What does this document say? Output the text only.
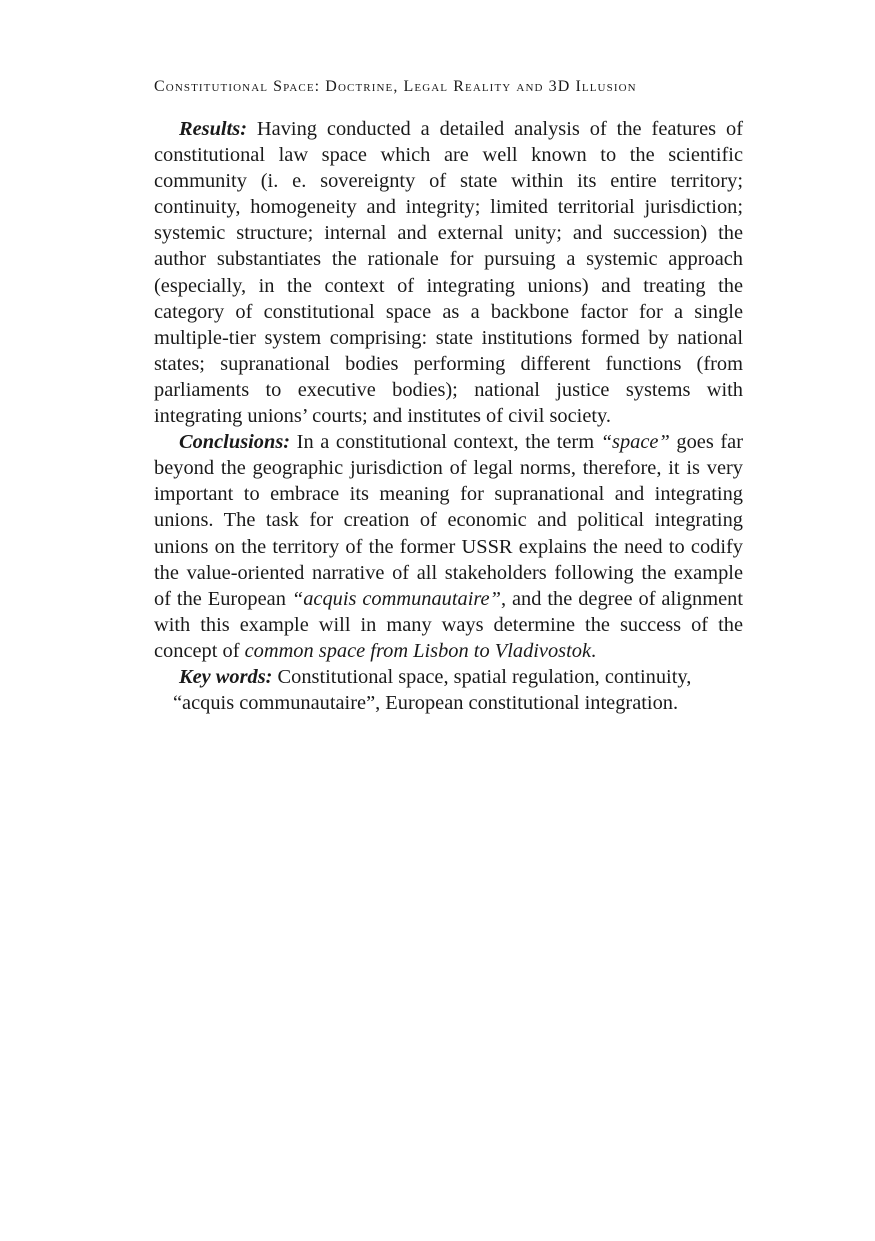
Constitutional Space: Doctrine, Legal Reality and 3D Illusion

Results: Having conducted a detailed analysis of the features of constitutional law space which are well known to the scientific community (i. e. sovereignty of state within its entire territory; continuity, homogeneity and integrity; limited territorial jurisdiction; systemic structure; internal and external unity; and succession) the author substantiates the rationale for pursuing a systemic approach (especially, in the context of integrating unions) and treating the category of constitutional space as a backbone factor for a single multiple-tier system comprising: state institutions formed by national states; supranational bodies performing different functions (from parliaments to executive bodies); national justice systems with integrating unions’ courts; and institutes of civil society.

Conclusions: In a constitutional context, the term “space” goes far beyond the geographic jurisdiction of legal norms, therefore, it is very important to embrace its meaning for supranational and integrating unions. The task for creation of economic and political integrating unions on the territory of the former USSR explains the need to codify the value-oriented narrative of all stakeholders following the example of the European “acquis communautaire”, and the degree of alignment with this example will in many ways determine the success of the concept of common space from Lisbon to Vladivostok.

Key words: Constitutional space, spatial regulation, continuity,
“acquis communautaire”, European constitutional integration.
